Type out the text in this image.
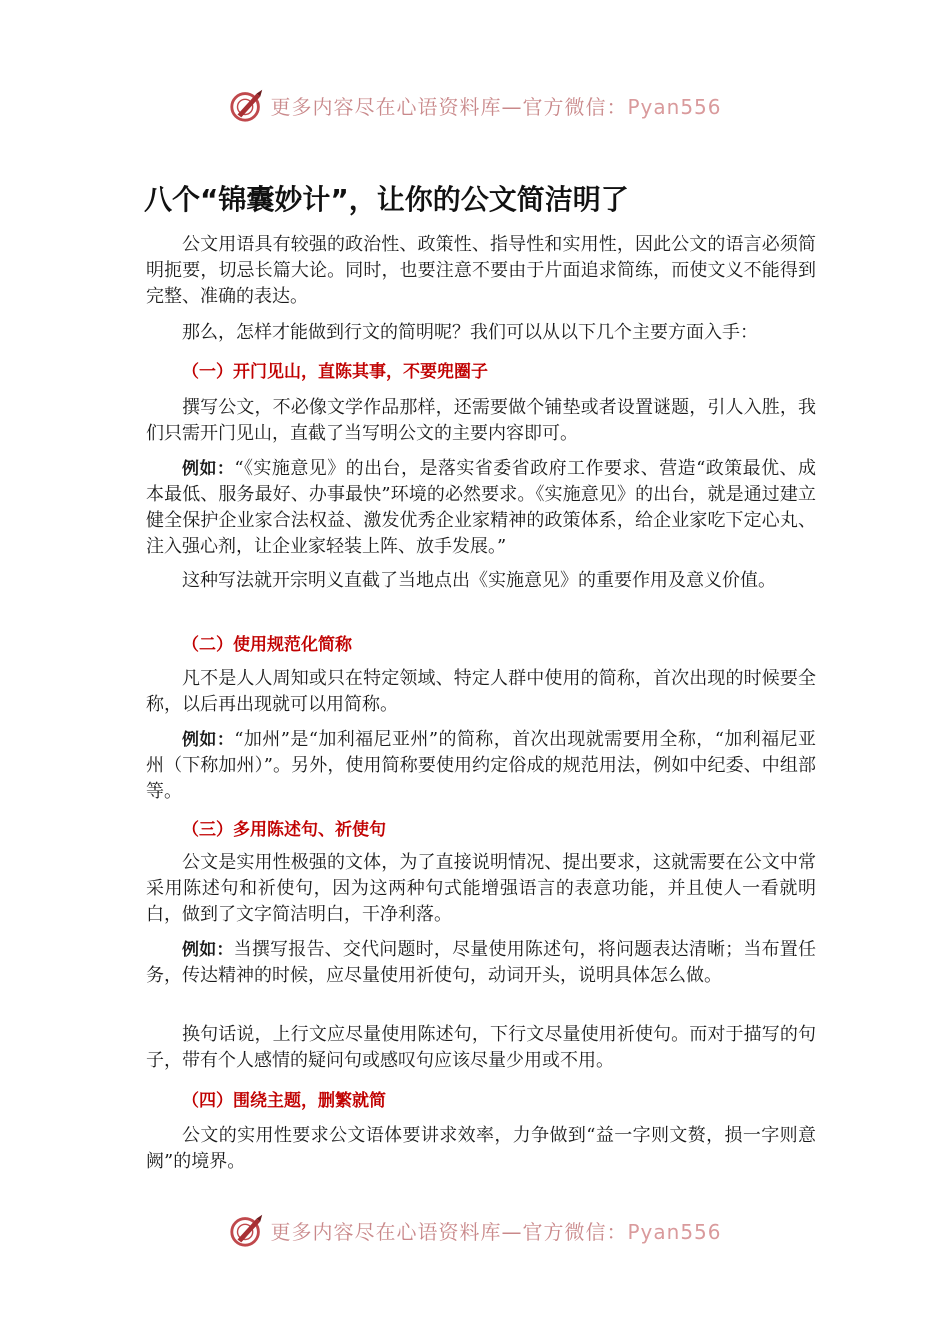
更多内容尽在心语资料库—官方微信：Pyan556
八个“锦囊妙计”，让你的公文简洁明了

公文用语具有较强的政治性、政策性、指导性和实用性，因此公文的语言必须简明扼要，切忌长篇大论。同时，也要注意不要由于片面追求简练，而使文义不能得到完整、准确的表达。

那么，怎样才能做到行文的简明呢？我们可以从以下几个主要方面入手：

（一）开门见山，直陈其事，不要兜圈子

撰写公文，不必像文学作品那样，还需要做个铺垫或者设置谜题，引人入胜，我们只需开门见山，直截了当写明公文的主要内容即可。

例如：“《实施意见》的出台，是落实省委省政府工作要求、营造“政策最优、成本最低、服务最好、办事最快”环境的必然要求。《实施意见》的出台，就是通过建立健全保护企业家合法权益、激发优秀企业家精神的政策体系，给企业家吃下定心丸、注入强心剂，让企业家轻装上阵、放手发展。”

这种写法就开宗明义直截了当地点出《实施意见》的重要作用及意义价值。

（二）使用规范化简称

凡不是人人周知或只在特定领域、特定人群中使用的简称，首次出现的时候要全称，以后再出现就可以用简称。

例如：“加州”是“加利福尼亚州”的简称，首次出现就需要用全称，“加利福尼亚州（下称加州）”。另外，使用简称要使用约定俗成的规范用法，例如中纪委、中组部等。

（三）多用陈述句、祈使句

公文是实用性极强的文体，为了直接说明情况、提出要求，这就需要在公文中常采用陈述句和祈使句，因为这两种句式能增强语言的表意功能，并且使人一看就明白，做到了文字简洁明白，干净利落。

例如：当撰写报告、交代问题时，尽量使用陈述句，将问题表达清晰；当布置任务，传达精神的时候，应尽量使用祈使句，动词开头，说明具体怎么做。

换句话说，上行文应尽量使用陈述句，下行文尽量使用祈使句。而对于描写的句子，带有个人感情的疑问句或感叹句应该尽量少用或不用。

（四）围绕主题，删繁就简

公文的实用性要求公文语体要讲求效率，力争做到“益一字则文赘，损一字则意阙”的境界。

更多内容尽在心语资料库—官方微信：Pyan556
